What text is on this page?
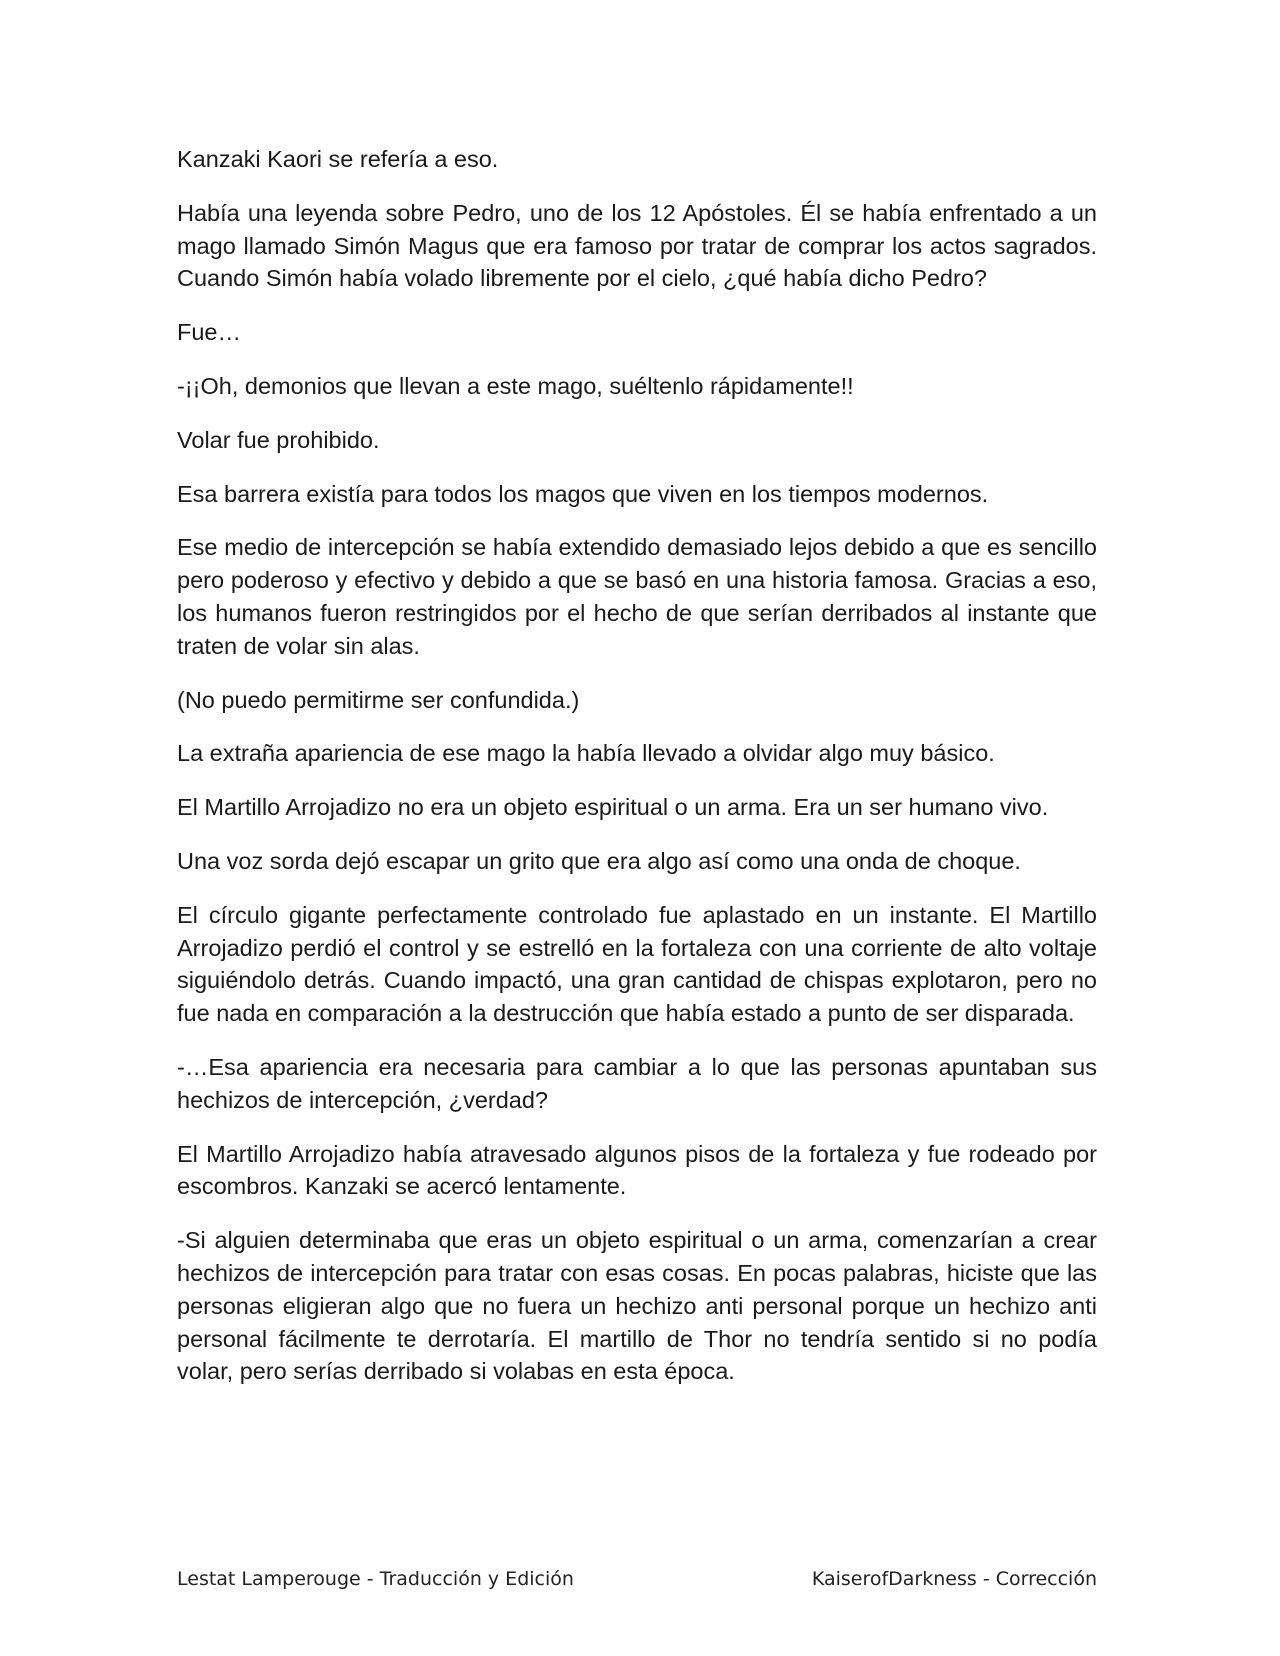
Kanzaki Kaori se refería a eso.

Había una leyenda sobre Pedro, uno de los 12 Apóstoles. Él se había enfrentado a un mago llamado Simón Magus que era famoso por tratar de comprar los actos sagrados. Cuando Simón había volado libremente por el cielo, ¿qué había dicho Pedro?

Fue…

-¡¡Oh, demonios que llevan a este mago, suéltenlo rápidamente!!

Volar fue prohibido.

Esa barrera existía para todos los magos que viven en los tiempos modernos.

Ese medio de intercepción se había extendido demasiado lejos debido a que es sencillo pero poderoso y efectivo y debido a que se basó en una historia famosa. Gracias a eso, los humanos fueron restringidos por el hecho de que serían derribados al instante que traten de volar sin alas.

(No puedo permitirme ser confundida.)

La extraña apariencia de ese mago la había llevado a olvidar algo muy básico.

El Martillo Arrojadizo no era un objeto espiritual o un arma. Era un ser humano vivo.

Una voz sorda dejó escapar un grito que era algo así como una onda de choque.

El círculo gigante perfectamente controlado fue aplastado en un instante. El Martillo Arrojadizo perdió el control y se estrelló en la fortaleza con una corriente de alto voltaje siguiéndolo detrás. Cuando impactó, una gran cantidad de chispas explotaron, pero no fue nada en comparación a la destrucción que había estado a punto de ser disparada.

-…Esa apariencia era necesaria para cambiar a lo que las personas apuntaban sus hechizos de intercepción, ¿verdad?

El Martillo Arrojadizo había atravesado algunos pisos de la fortaleza y fue rodeado por escombros. Kanzaki se acercó lentamente.

-Si alguien determinaba que eras un objeto espiritual o un arma, comenzarían a crear hechizos de intercepción para tratar con esas cosas. En pocas palabras, hiciste que las personas eligieran algo que no fuera un hechizo anti personal porque un hechizo anti personal fácilmente te derrotaría. El martillo de Thor no tendría sentido si no podía volar, pero serías derribado si volabas en esta época.

Lestat Lamperouge - Traducción y Edición	KaiserofDarkness - Corrección
